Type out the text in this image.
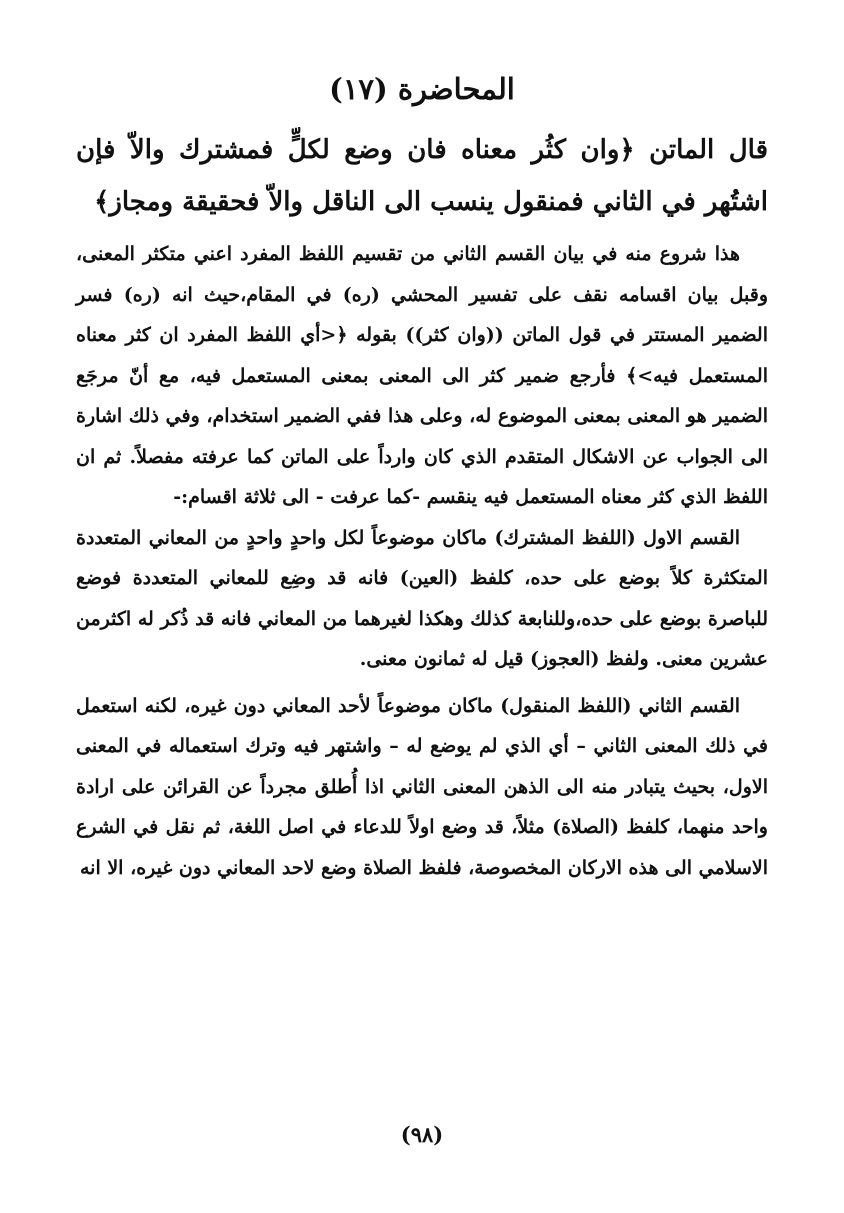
المحاضرة (١٧)
قال الماتن ﴿وان كثُر معناه فان وضع لكلٍّ فمشترك والاّ فإن اشتُهر في الثاني فمنقول ينسب الى الناقل والاّ فحقيقة ومجاز﴾

هذا شروع منه في بيان القسم الثاني من تقسيم اللفظ المفرد اعني متكثر المعنى، وقبل بيان اقسامه نقف على تفسير المحشي (ره) في المقام،حيث انه (ره) فسر الضمير المستتر في قول الماتن ((وان كثر)) بقوله ﴿<أي اللفظ المفرد ان كثر معناه المستعمل فيه>﴾ فأرجع ضمير كثر الى المعنى بمعنى المستعمل فيه، مع أنّ مرجَع الضمير هو المعنى بمعنى الموضوع له، وعلى هذا ففي الضمير استخدام، وفي ذلك اشارة الى الجواب عن الاشكال المتقدم الذي كان وارداً على الماتن كما عرفته مفصلاً. ثم ان اللفظ الذي كثر معناه المستعمل فيه ينقسم -كما عرفت - الى ثلاثة اقسام:-

القسم الاول (اللفظ المشترك) ماكان موضوعاً لكل واحدٍ واحدٍ من المعاني المتعددة المتكثرة كلاً بوضع على حده، كلفظ (العين) فانه قد وضِع للمعاني المتعددة فوضع للباصرة بوضع على حده،وللنابعة كذلك وهكذا لغيرهما من المعاني فانه قد ذُكر له اكثرمن عشرين معنى. ولفظ (العجوز) قيل له ثمانون معنى.

القسم الثاني (اللفظ المنقول) ماكان موضوعاً لأحد المعاني دون غيره، لكنه استعمل في ذلك المعنى الثاني – أي الذي لم يوضع له – واشتهر فيه وترك استعماله في المعنى الاول، بحيث يتبادر منه الى الذهن المعنى الثاني اذا أُطلق مجرداً عن القرائن على ارادة واحد منهما، كلفظ (الصلاة) مثلاً، قد وضع اولاً للدعاء في اصل اللغة، ثم نقل في الشرع الاسلامي الى هذه الاركان المخصوصة، فلفظ الصلاة وضع لاحد المعاني دون غيره، الا انه

(٩٨)
